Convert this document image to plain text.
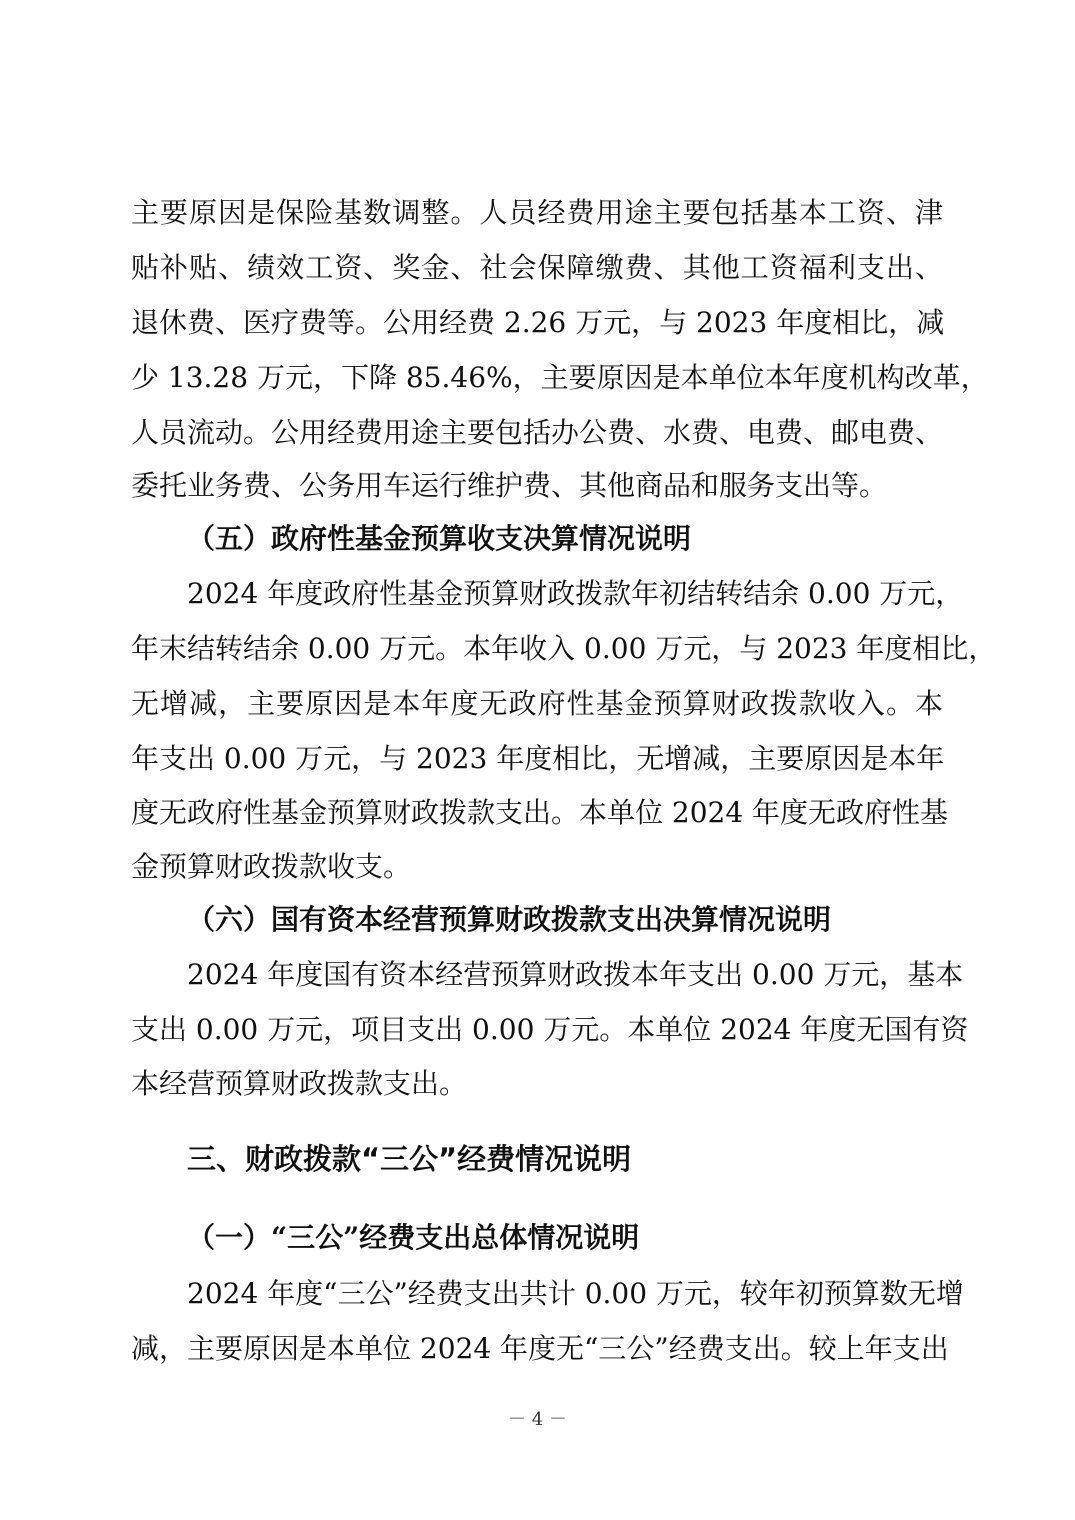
主要原因是保险基数调整。人员经费用途主要包括基本工资、津
贴补贴、绩效工资、奖金、社会保障缴费、其他工资福利支出、
退休费、医疗费等。公用经费 2.26 万元，与 2023 年度相比，减
少 13.28 万元，下降 85.46%，主要原因是本单位本年度机构改革，
人员流动。公用经费用途主要包括办公费、水费、电费、邮电费、
委托业务费、公务用车运行维护费、其他商品和服务支出等。
（五）政府性基金预算收支决算情况说明
2024 年度政府性基金预算财政拨款年初结转结余 0.00 万元，
年末结转结余 0.00 万元。本年收入 0.00 万元，与 2023 年度相比，
无增减，主要原因是本年度无政府性基金预算财政拨款收入。本
年支出 0.00 万元，与 2023 年度相比，无增减，主要原因是本年
度无政府性基金预算财政拨款支出。本单位 2024 年度无政府性基
金预算财政拨款收支。
（六）国有资本经营预算财政拨款支出决算情况说明
2024 年度国有资本经营预算财政拨本年支出 0.00 万元，基本
支出 0.00 万元，项目支出 0.00 万元。本单位 2024 年度无国有资
本经营预算财政拨款支出。
三、财政拨款“三公”经费情况说明
（一）“三公”经费支出总体情况说明
2024 年度“三公”经费支出共计 0.00 万元，较年初预算数无增
减，主要原因是本单位 2024 年度无“三公”经费支出。较上年支出
－ 4 －
